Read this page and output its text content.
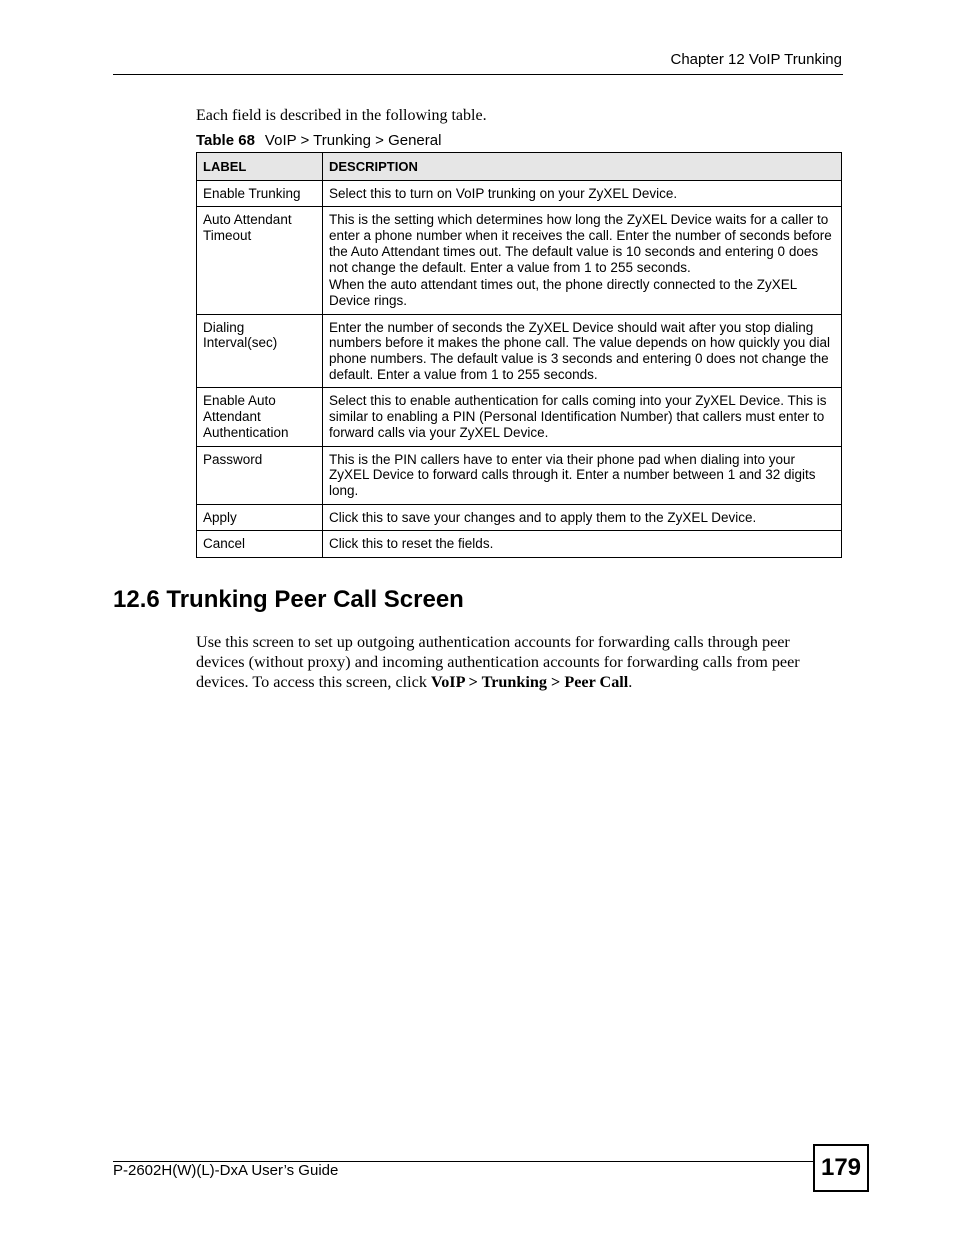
Chapter 12 VoIP Trunking
Each field is described in the following table.
Table 68 VoIP > Trunking > General
LABEL	DESCRIPTION
Enable Trunking	Select this to turn on VoIP trunking on your ZyXEL Device.

Auto Attendant Timeout	This is the setting which determines how long the ZyXEL Device waits for a caller to enter a phone number when it receives the call. Enter the number of seconds before the Auto Attendant times out. The default value is 10 seconds and entering 0 does not change the default. Enter a value from 1 to 255 seconds.

When the auto attendant times out, the phone directly connected to the ZyXEL Device rings.

Dialing Interval(sec)	Enter the number of seconds the ZyXEL Device should wait after you stop dialing numbers before it makes the phone call. The value depends on how quickly you dial phone numbers. The default value is 3 seconds and entering 0 does not change the default. Enter a value from 1 to 255 seconds.

Enable Auto Attendant Authentication	Select this to enable authentication for calls coming into your ZyXEL Device. This is similar to enabling a PIN (Personal Identification Number) that callers must enter to forward calls via your ZyXEL Device.

Password	This is the PIN callers have to enter via their phone pad when dialing into your ZyXEL Device to forward calls through it. Enter a number between 1 and 32 digits long.

Apply	Click this to save your changes and to apply them to the ZyXEL Device.

Cancel	Click this to reset the fields.

12.6 Trunking Peer Call Screen

Use this screen to set up outgoing authentication accounts for forwarding calls through peer devices (without proxy) and incoming authentication accounts for forwarding calls from peer devices. To access this screen, click VoIP > Trunking > Peer Call.

P-2602H(W)(L)-DxA User’s Guide	179
